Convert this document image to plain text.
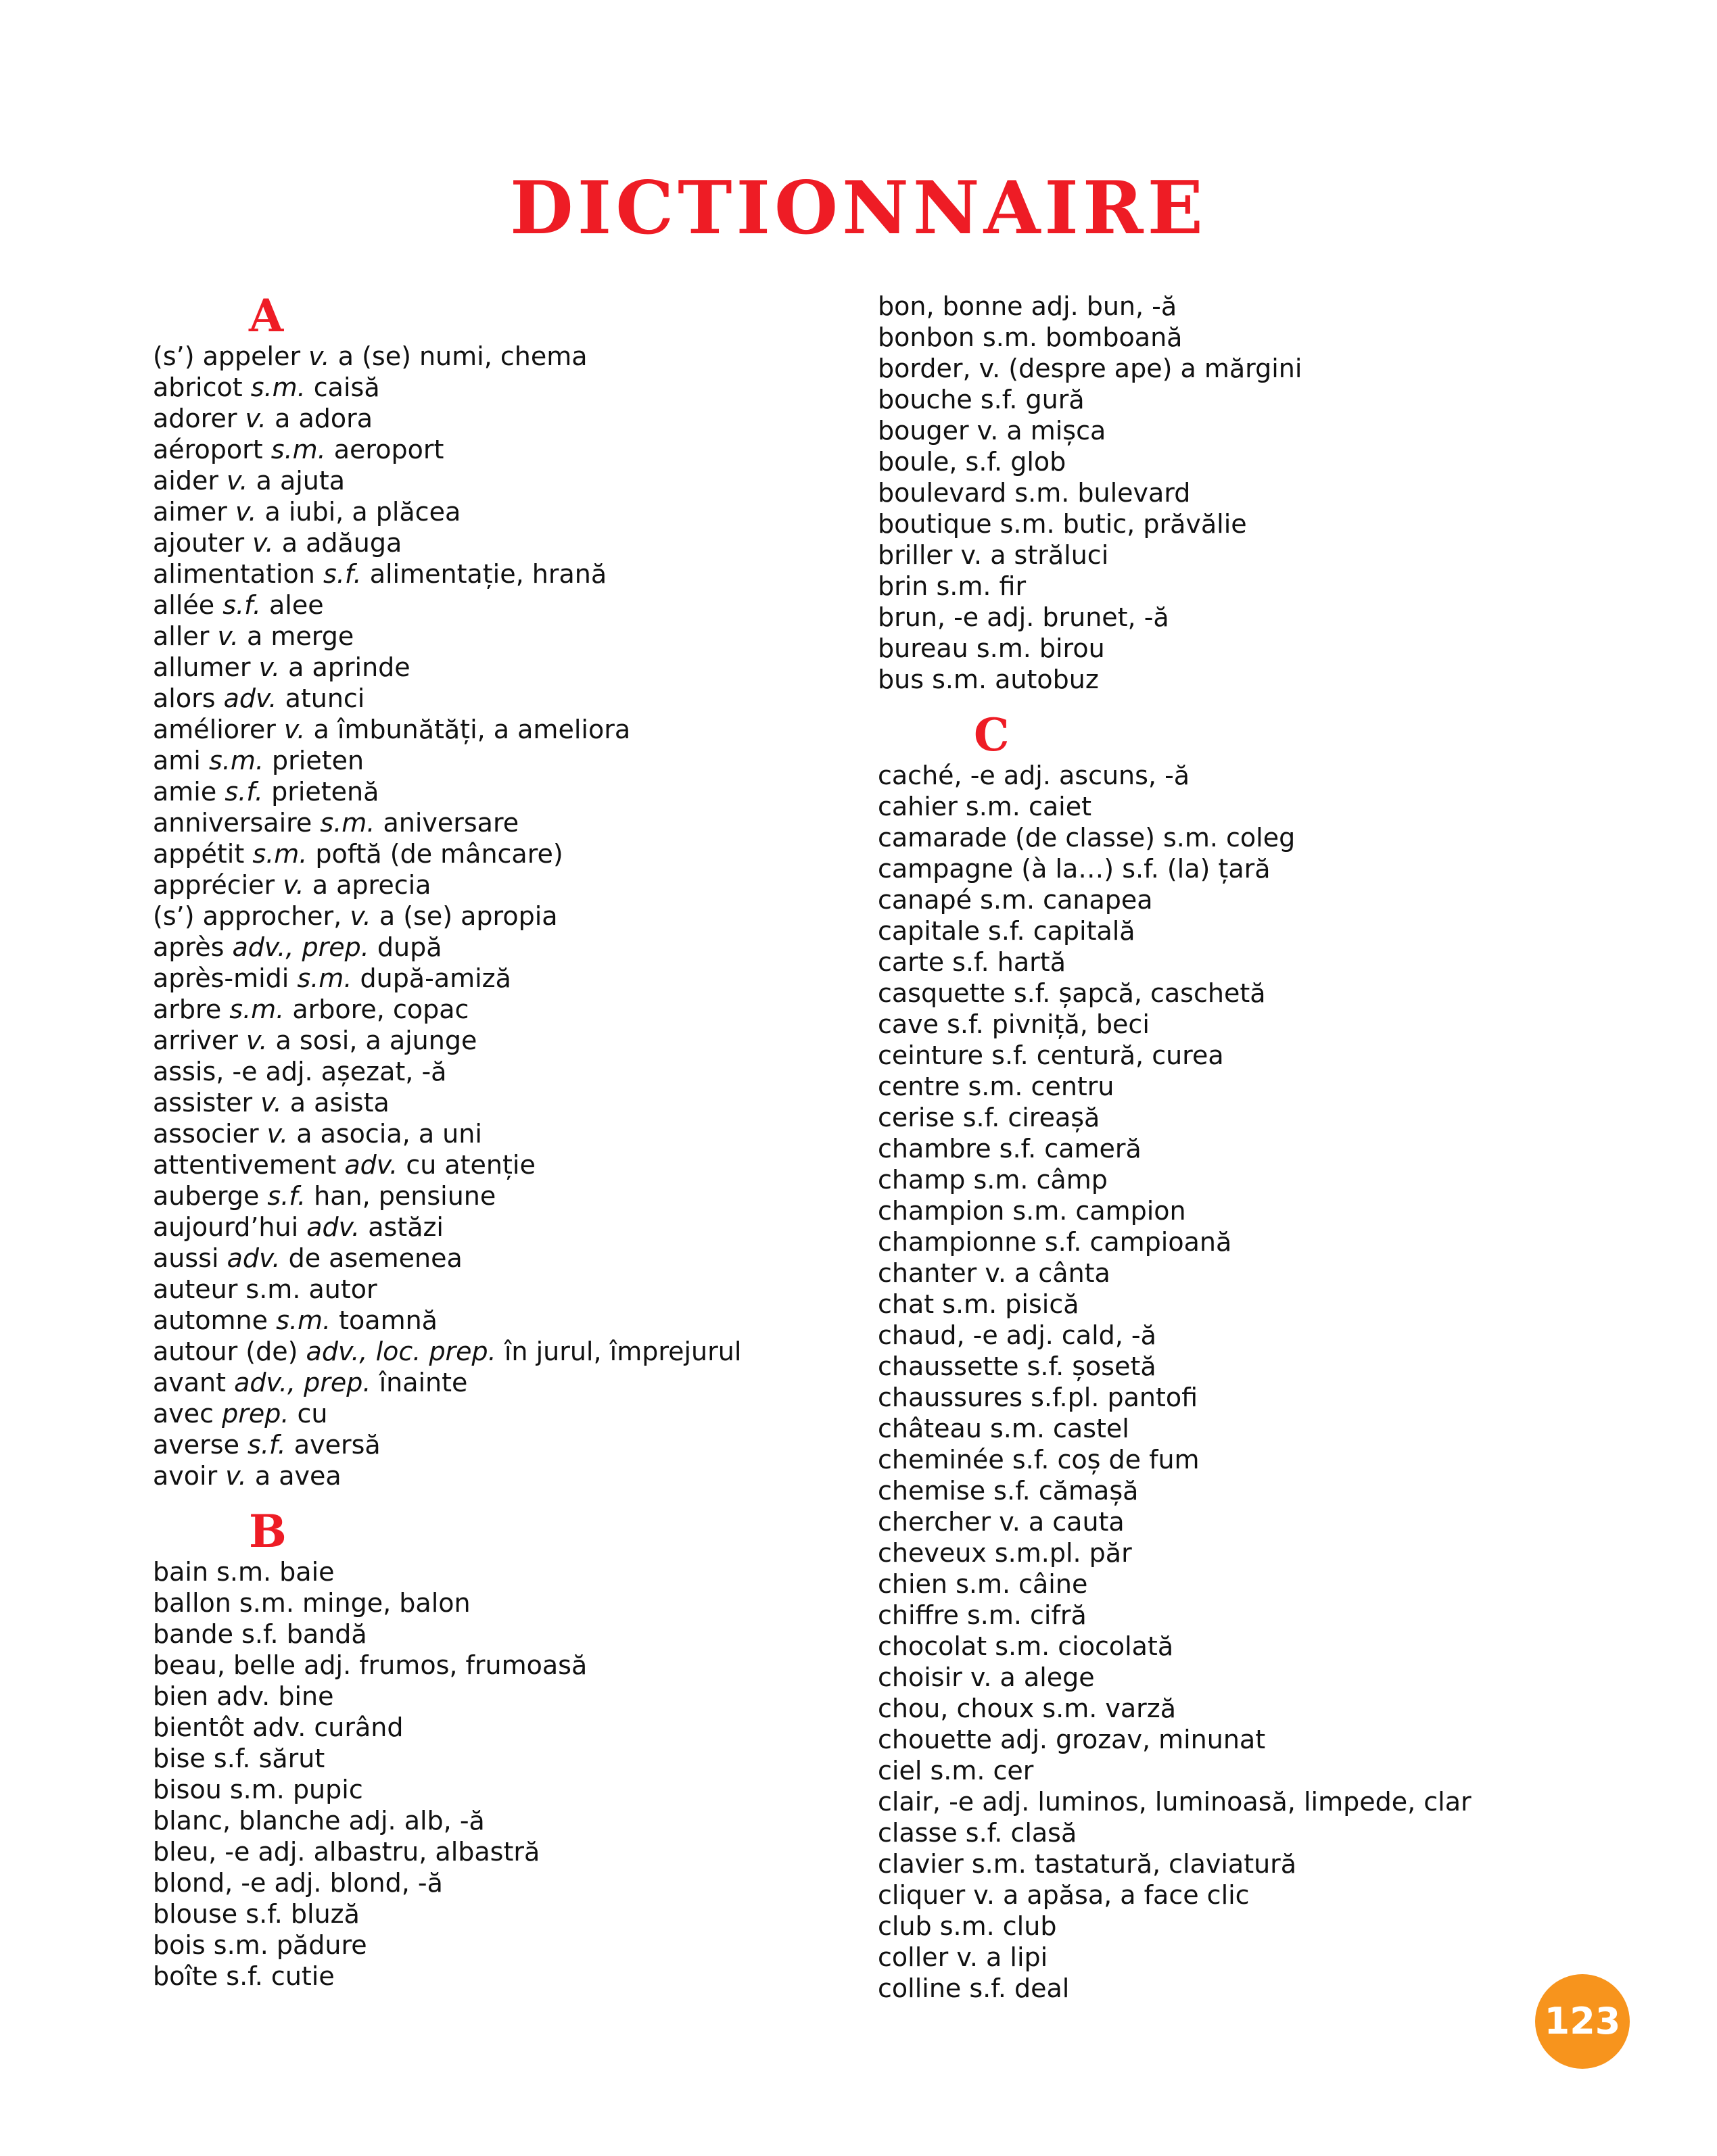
DICTIONNAIRE
A
(s’) appeler v. a (se) numi, chema
abricot s.m. caisă
adorer v. a adora
aéroport s.m. aeroport
aider v. a ajuta
aimer v. a iubi, a plăcea
ajouter v. a adăuga
alimentation s.f. alimentație, hrană
allée s.f. alee
aller v. a merge
allumer v. a aprinde
alors adv. atunci
améliorer v. a îmbunătăți, a ameliora
ami s.m. prieten
amie s.f. prietenă
anniversaire s.m. aniversare
appétit s.m. poftă (de mâncare)
apprécier v. a aprecia
(s’) approcher, v. a (se) apropia
après adv., prep. după
après-midi s.m. după-amiză
arbre s.m. arbore, copac
arriver v. a sosi, a ajunge
assis, -e adj. așezat, -ă
assister v. a asista
associer v. a asocia, a uni
attentivement adv. cu atenție
auberge s.f. han, pensiune
aujourd’hui adv. astăzi
aussi adv. de asemenea
auteur s.m. autor
automne s.m. toamnă
autour (de) adv., loc. prep. în jurul, împrejurul
avant adv., prep. înainte
avec prep. cu
averse s.f. aversă
avoir v. a avea
B
bain s.m. baie
ballon s.m. minge, balon
bande s.f. bandă
beau, belle adj. frumos, frumoasă
bien adv. bine
bientôt adv. curând
bise s.f. sărut
bisou s.m. pupic
blanc, blanche adj. alb, -ă
bleu, -e adj. albastru, albastră
blond, -e adj. blond, -ă
blouse s.f. bluză
bois s.m. pădure
boîte s.f. cutie
bon, bonne adj. bun, -ă
bonbon s.m. bomboană
border, v. (despre ape) a mărgini
bouche s.f. gură
bouger v. a mișca
boule, s.f. glob
boulevard s.m. bulevard
boutique s.m. butic, prăvălie
briller v. a străluci
brin s.m. fir
brun, -e adj. brunet, -ă
bureau s.m. birou
bus s.m. autobuz
C
caché, -e adj. ascuns, -ă
cahier s.m. caiet
camarade (de classe) s.m. coleg
campagne (à la…) s.f. (la) țară
canapé s.m. canapea
capitale s.f. capitală
carte s.f. hartă
casquette s.f. șapcă, caschetă
cave s.f. pivniță, beci
ceinture s.f. centură, curea
centre s.m. centru
cerise s.f. cireașă
chambre s.f. cameră
champ s.m. câmp
champion s.m. campion
championne s.f. campioană
chanter v. a cânta
chat s.m. pisică
chaud, -e adj. cald, -ă
chaussette s.f. șosetă
chaussures s.f.pl. pantofi
château s.m. castel
cheminée s.f. coș de fum
chemise s.f. cămașă
chercher v. a cauta
cheveux s.m.pl. păr
chien s.m. câine
chiffre s.m. cifră
chocolat s.m. ciocolată
choisir v. a alege
chou, choux s.m. varză
chouette adj. grozav, minunat
ciel s.m. cer
clair, -e adj. luminos, luminoasă, limpede, clar
classe s.f. clasă
clavier s.m. tastatură, claviatură
cliquer v. a apăsa, a face clic
club s.m. club
coller v. a lipi
colline s.f. deal
123
